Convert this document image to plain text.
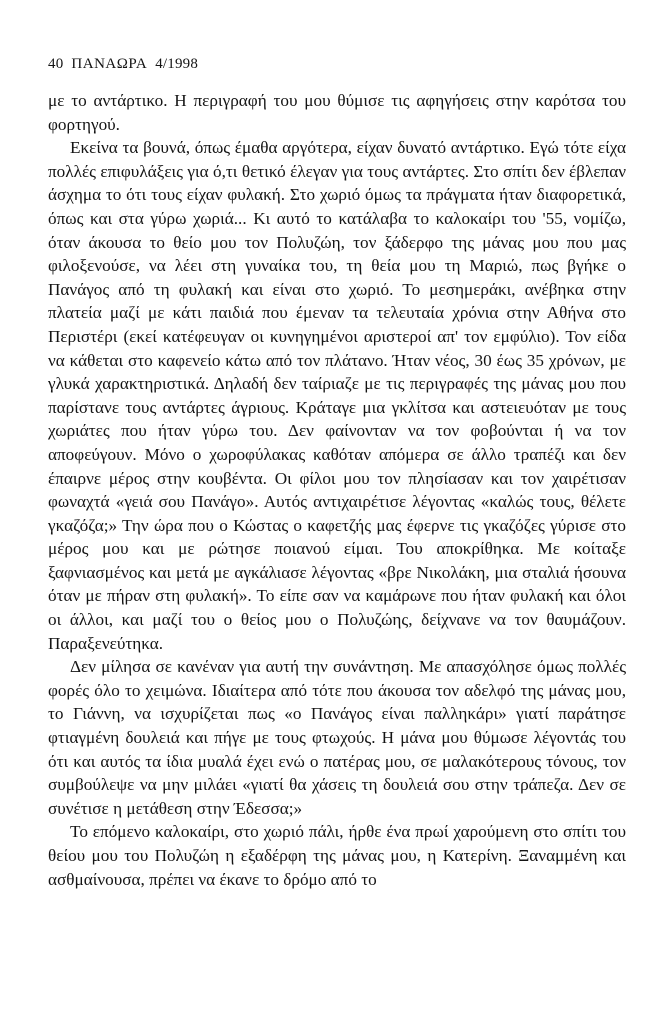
40 ΠΑΝΑΩΡΑ 4/1998

με το αντάρτικο. Η περιγραφή του μου θύμισε τις αφηγήσεις στην καρότσα του φορτηγού.

Εκείνα τα βουνά, όπως έμαθα αργότερα, είχαν δυνατό αντάρτικο. Εγώ τότε είχα πολλές επιφυλάξεις για ό,τι θετικό έλεγαν για τους αντάρτες. Στο σπίτι δεν έβλεπαν άσχημα το ότι τους είχαν φυλακή. Στο χωριό όμως τα πράγματα ήταν διαφορετικά, όπως και στα γύρω χωριά... Κι αυτό το κατάλαβα το καλοκαίρι του '55, νομίζω, όταν άκουσα το θείο μου τον Πολυζώη, τον ξάδερφο της μάνας μου που μας φιλοξενούσε, να λέει στη γυναίκα του, τη θεία μου τη Μαριώ, πως βγήκε ο Πανάγος από τη φυλακή και είναι στο χωριό. Το μεσημεράκι, ανέβηκα στην πλατεία μαζί με κάτι παιδιά που έμεναν τα τελευταία χρόνια στην Αθήνα στο Περιστέρι (εκεί κατέφευγαν οι κυνηγημένοι αριστεροί απ' τον εμφύλιο). Τον είδα να κάθεται στο καφενείο κάτω από τον πλάτανο. Ήταν νέος, 30 έως 35 χρόνων, με γλυκά χαρακτηριστικά. Δηλαδή δεν ταίριαζε με τις περιγραφές της μάνας μου που παρίστανε τους αντάρτες άγριους. Κράταγε μια γκλίτσα και αστειευόταν με τους χωριάτες που ήταν γύρω του. Δεν φαίνονταν να τον φοβούνται ή να τον αποφεύγουν. Μόνο ο χωροφύλακας καθόταν απόμερα σε άλλο τραπέζι και δεν έπαιρνε μέρος στην κουβέντα. Οι φίλοι μου τον πλησίασαν και τον χαιρέτισαν φωναχτά «γειά σου Πανάγο». Αυτός αντιχαιρέτισε λέγοντας «καλώς τους, θέλετε γκαζόζα;» Την ώρα που ο Κώστας ο καφετζής μας έφερνε τις γκαζόζες γύρισε στο μέρος μου και με ρώτησε ποιανού είμαι. Του αποκρίθηκα. Με κοίταξε ξαφνιασμένος και μετά με αγκάλιασε λέγοντας «βρε Νικολάκη, μια σταλιά ήσουνα όταν με πήραν στη φυλακή». Το είπε σαν να καμάρωνε που ήταν φυλακή και όλοι οι άλλοι, και μαζί του ο θείος μου ο Πολυζώης, δείχνανε να τον θαυμάζουν. Παραξενεύτηκα.

Δεν μίλησα σε κανέναν για αυτή την συνάντηση. Με απασχόλησε όμως πολλές φορές όλο το χειμώνα. Ιδιαίτερα από τότε που άκουσα τον αδελφό της μάνας μου, το Γιάννη, να ισχυρίζεται πως «ο Πανάγος είναι παλληκάρι» γιατί παράτησε φτιαγμένη δουλειά και πήγε με τους φτωχούς. Η μάνα μου θύμωσε λέγοντάς του ότι και αυτός τα ίδια μυαλά έχει ενώ ο πατέρας μου, σε μαλακότερους τόνους, τον συμβούλεψε να μην μιλάει «γιατί θα χάσεις τη δουλειά σου στην τράπεζα. Δεν σε συνέτισε η μετάθεση στην Έδεσσα;»

Το επόμενο καλοκαίρι, στο χωριό πάλι, ήρθε ένα πρωί χαρούμενη στο σπίτι του θείου μου του Πολυζώη η εξαδέρφη της μάνας μου, η Κατερίνη. Ξαναμμένη και ασθμαίνουσα, πρέπει να έκανε το δρόμο από το
